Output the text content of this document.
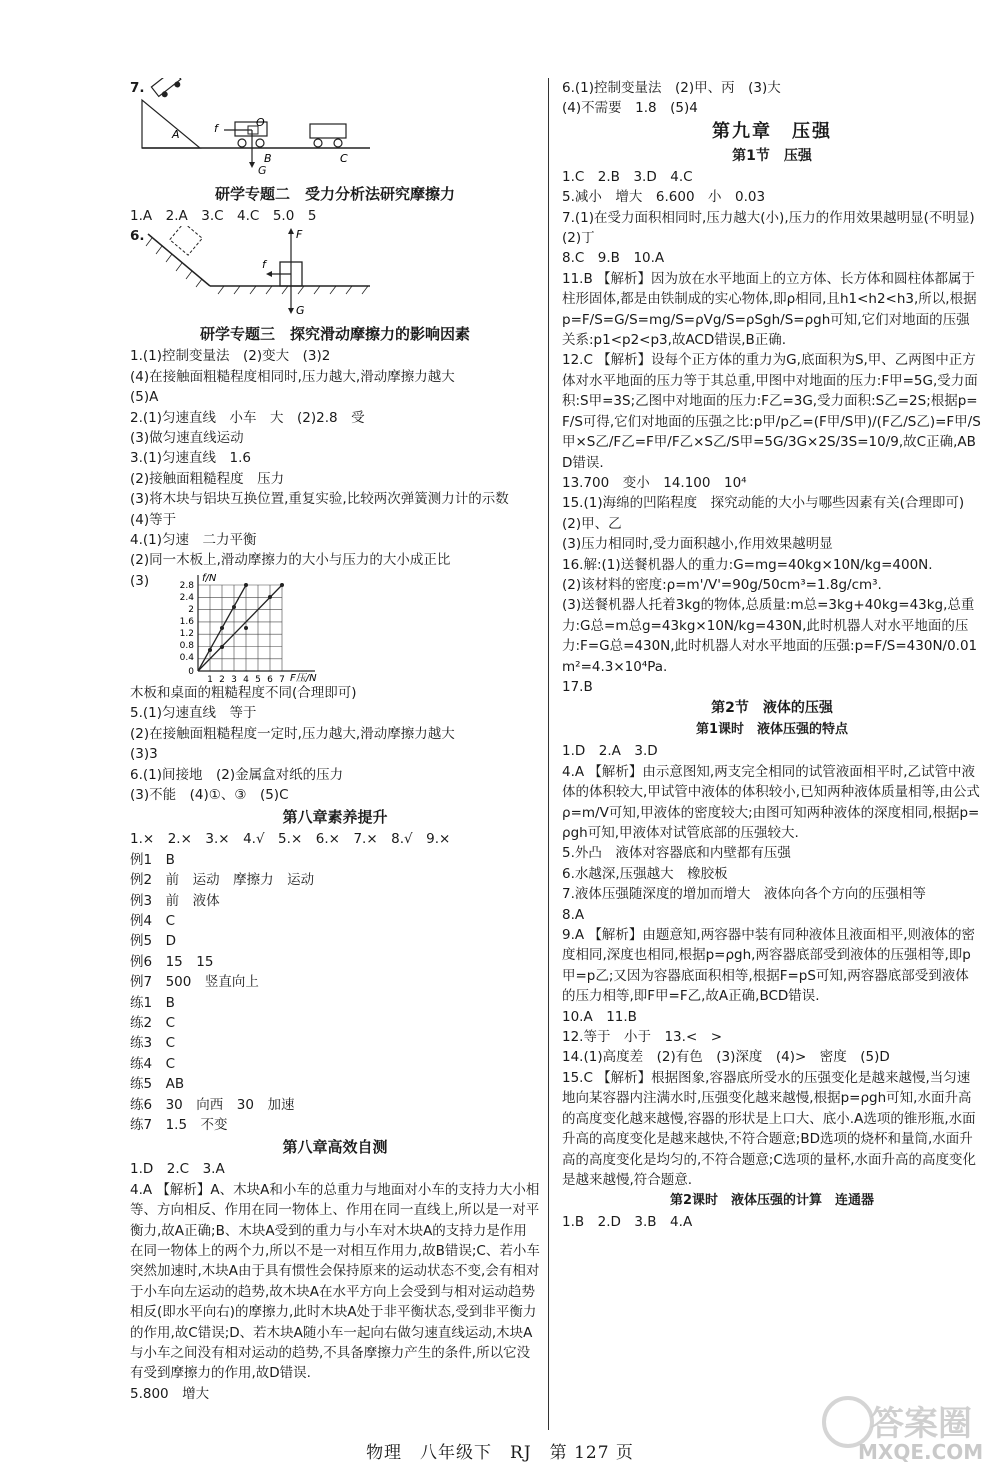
7.
A	f	O
B	C
G
研学专题二　受力分析法研究摩擦力
1.A　2.A　3.C　4.C　5.0　5
6.	F
f
G
研学专题三　探究滑动摩擦力的影响因素
1.(1)控制变量法　(2)变大　(3)2
(4)在接触面粗糙程度相同时,压力越大,滑动摩擦力越大
(5)A
2.(1)匀速直线　小车　大　(2)2.8　受
(3)做匀速直线运动
3.(1)匀速直线　1.6
(2)接触面粗糙程度　压力
(3)将木块与铝块互换位置,重复实验,比较两次弹簧测力计的示数
(4)等于
4.(1)匀速　二力平衡
(2)同一木板上,滑动摩擦力的大小与压力的大小成正比
(3)	f/N
F压/N
2.8
2.4
2
1.6
1.2
0.8
0.4
0
1 2 3 4 5 6 7
木板和桌面的粗糙程度不同(合理即可)
5.(1)匀速直线　等于
(2)在接触面粗糙程度一定时,压力越大,滑动摩擦力越大
(3)3
6.(1)间接地　(2)金属盒对纸的压力
(3)不能　(4)①、③　(5)C
第八章素养提升
1.×　2.×　3.×　4.√　5.×　6.×　7.×　8.√　9.×
例1　B
例2　前　运动　摩擦力　运动
例3　前　液体
例4　C
例5　D
例6　15　15
例7　500　竖直向上
练1　B
练2　C
练3　C
练4　C
练5　AB
练6　30　向西　30　加速
练7　1.5　不变
第八章高效自测
1.D　2.C　3.A
4.A 【解析】A、木块A和小车的总重力与地面对小车的支持力大小相等、方向相反、作用在同一物体上、作用在同一直线上,所以是一对平衡力,故A正确;B、木块A受到的重力与小车对木块A的支持力是作用在同一物体上的两个力,所以不是一对相互作用力,故B错误;C、若小车突然加速时,木块A由于具有惯性会保持原来的运动状态不变,会有相对于小车向左运动的趋势,故木块A在水平方向上会受到与相对运动趋势相反(即水平向右)的摩擦力,此时木块A处于非平衡状态,受到非平衡力的作用,故C错误;D、若木块A随小车一起向右做匀速直线运动,木块A与小车之间没有相对运动的趋势,不具备摩擦力产生的条件,所以它没有受到摩擦力的作用,故D错误.
5.800　增大
6.(1)控制变量法　(2)甲、丙　(3)大
(4)不需要　1.8　(5)4
第九章　压强
第1节　压强
1.C　2.B　3.D　4.C
5.减小　增大　6.600　小　0.03
7.(1)在受力面积相同时,压力越大(小),压力的作用效果越明显(不明显)
(2)丁
8.C　9.B　10.A
11.B 【解析】因为放在水平地面上的立方体、长方体和圆柱体都属于柱形固体,都是由铁制成的实心物体,即ρ相同,且h1<h2<h3,所以,根据p=F/S=G/S=mg/S=ρVg/S=ρSgh/S=ρgh可知,它们对地面的压强关系:p1<p2<p3,故ACD错误,B正确.
12.C 【解析】设每个正方体的重力为G,底面积为S,甲、乙两图中正方体对水平地面的压力等于其总重,甲图中对地面的压力:F甲=5G,受力面积:S甲=3S;乙图中对地面的压力:F乙=3G,受力面积:S乙=2S;根据p=F/S可得,它们对地面的压强之比:p甲/p乙=(F甲/S甲)/(F乙/S乙)=F甲/S甲×S乙/F乙=F甲/F乙×S乙/S甲=5G/3G×2S/3S=10/9,故C正确,ABD错误.
13.700　变小　14.100　10⁴
15.(1)海绵的凹陷程度　探究动能的大小与哪些因素有关(合理即可)
(2)甲、乙
(3)压力相同时,受力面积越小,作用效果越明显
16.解:(1)送餐机器人的重力:G=mg=40kg×10N/kg=400N.
(2)该材料的密度:ρ=m'/V'=90g/50cm³=1.8g/cm³.
(3)送餐机器人托着3kg的物体,总质量:m总=3kg+40kg=43kg,总重力:G总=m总g=43kg×10N/kg=430N,此时机器人对水平地面的压力:F=G总=430N,此时机器人对水平地面的压强:p=F/S=430N/0.01m²=4.3×10⁴Pa.
17.B
第2节　液体的压强
第1课时　液体压强的特点
1.D　2.A　3.D
4.A 【解析】由示意图知,两支完全相同的试管液面相平时,乙试管中液体的体积较大,甲试管中液体的体积较小,已知两种液体质量相等,由公式ρ=m/V可知,甲液体的密度较大;由图可知两种液体的深度相同,根据p=ρgh可知,甲液体对试管底部的压强较大.
5.外凸　液体对容器底和内壁都有压强
6.水越深,压强越大　橡胶板
7.液体压强随深度的增加而增大　液体向各个方向的压强相等
8.A
9.A 【解析】由题意知,两容器中装有同种液体且液面相平,则液体的密度相同,深度也相同,根据p=ρgh,两容器底部受到液体的压强相等,即p甲=p乙;又因为容器底面积相等,根据F=pS可知,两容器底部受到液体的压力相等,即F甲=F乙,故A正确,BCD错误.
10.A　11.B
12.等于　小于　13.<　>
14.(1)高度差　(2)有色　(3)深度　(4)>　密度　(5)D
15.C 【解析】根据图象,容器底所受水的压强变化是越来越慢,当匀速地向某容器内注满水时,压强变化越来越慢,根据p=ρgh可知,水面升高的高度变化越来越慢,容器的形状是上口大、底小.A选项的锥形瓶,水面升高的高度变化是越来越快,不符合题意;BD选项的烧杯和量筒,水面升高的高度变化是均匀的,不符合题意;C选项的量杯,水面升高的高度变化是越来越慢,符合题意.
第2课时　液体压强的计算　连通器
1.B　2.D　3.B　4.A
物理　八年级下　RJ　第 127 页
答案圈
MXQE.COM
